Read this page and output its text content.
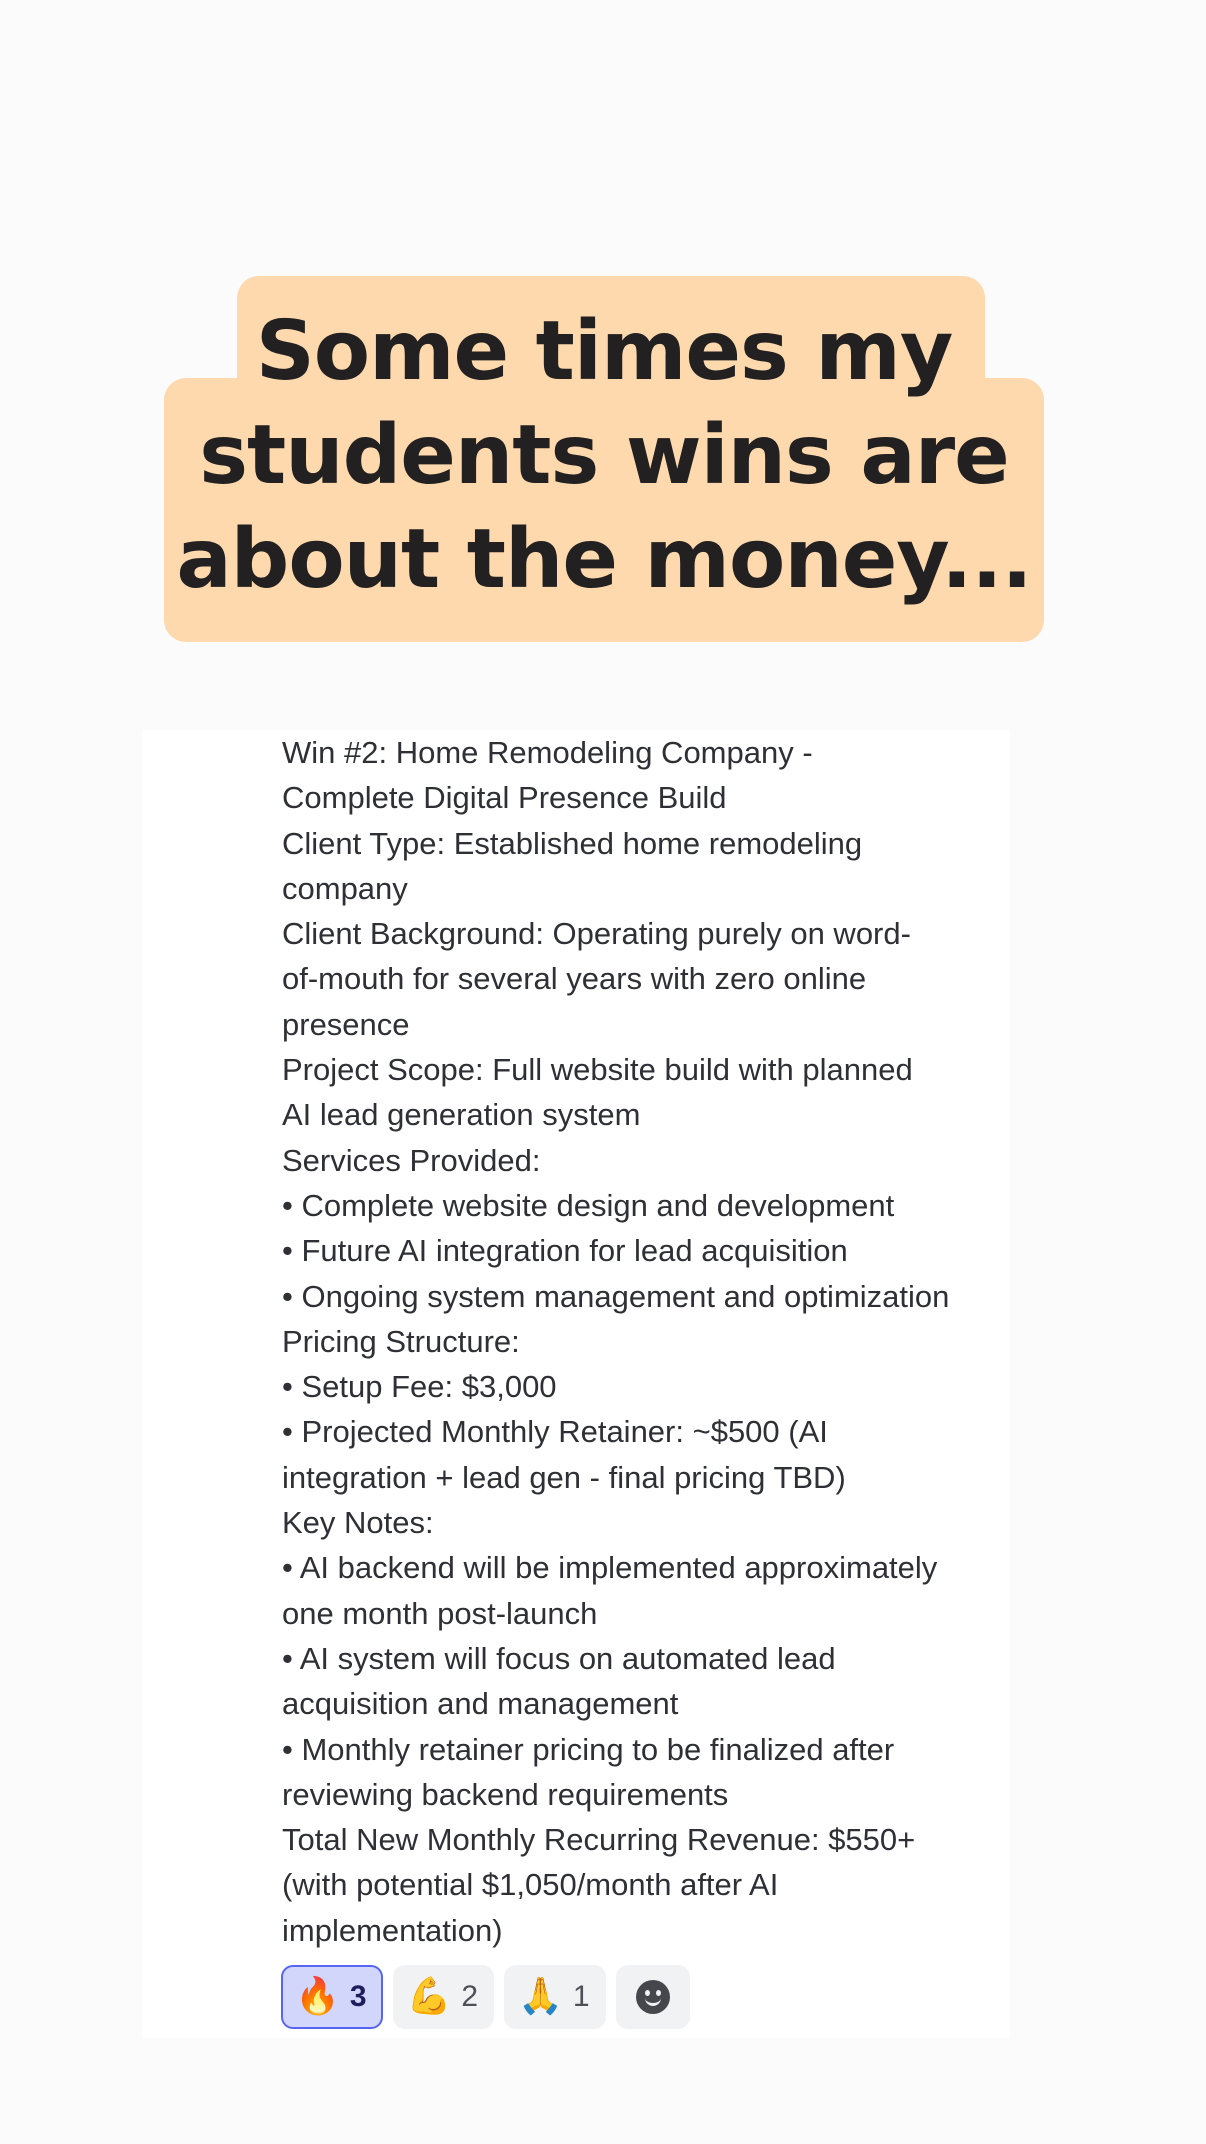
Some times my
students wins are
about the money...

Win #2: Home Remodeling Company -
Complete Digital Presence Build
Client Type: Established home remodeling
company
Client Background: Operating purely on word-
of-mouth for several years with zero online
presence
Project Scope: Full website build with planned
AI lead generation system
Services Provided:
• Complete website design and development
• Future AI integration for lead acquisition
• Ongoing system management and optimization
Pricing Structure:
• Setup Fee: $3,000
• Projected Monthly Retainer: ~$500 (AI
integration + lead gen - final pricing TBD)
Key Notes:
• AI backend will be implemented approximately
one month post-launch
• AI system will focus on automated lead
acquisition and management
• Monthly retainer pricing to be finalized after
reviewing backend requirements
Total New Monthly Recurring Revenue: $550+
(with potential $1,050/month after AI
implementation)

🔥 3 💪 2 🙏 1
